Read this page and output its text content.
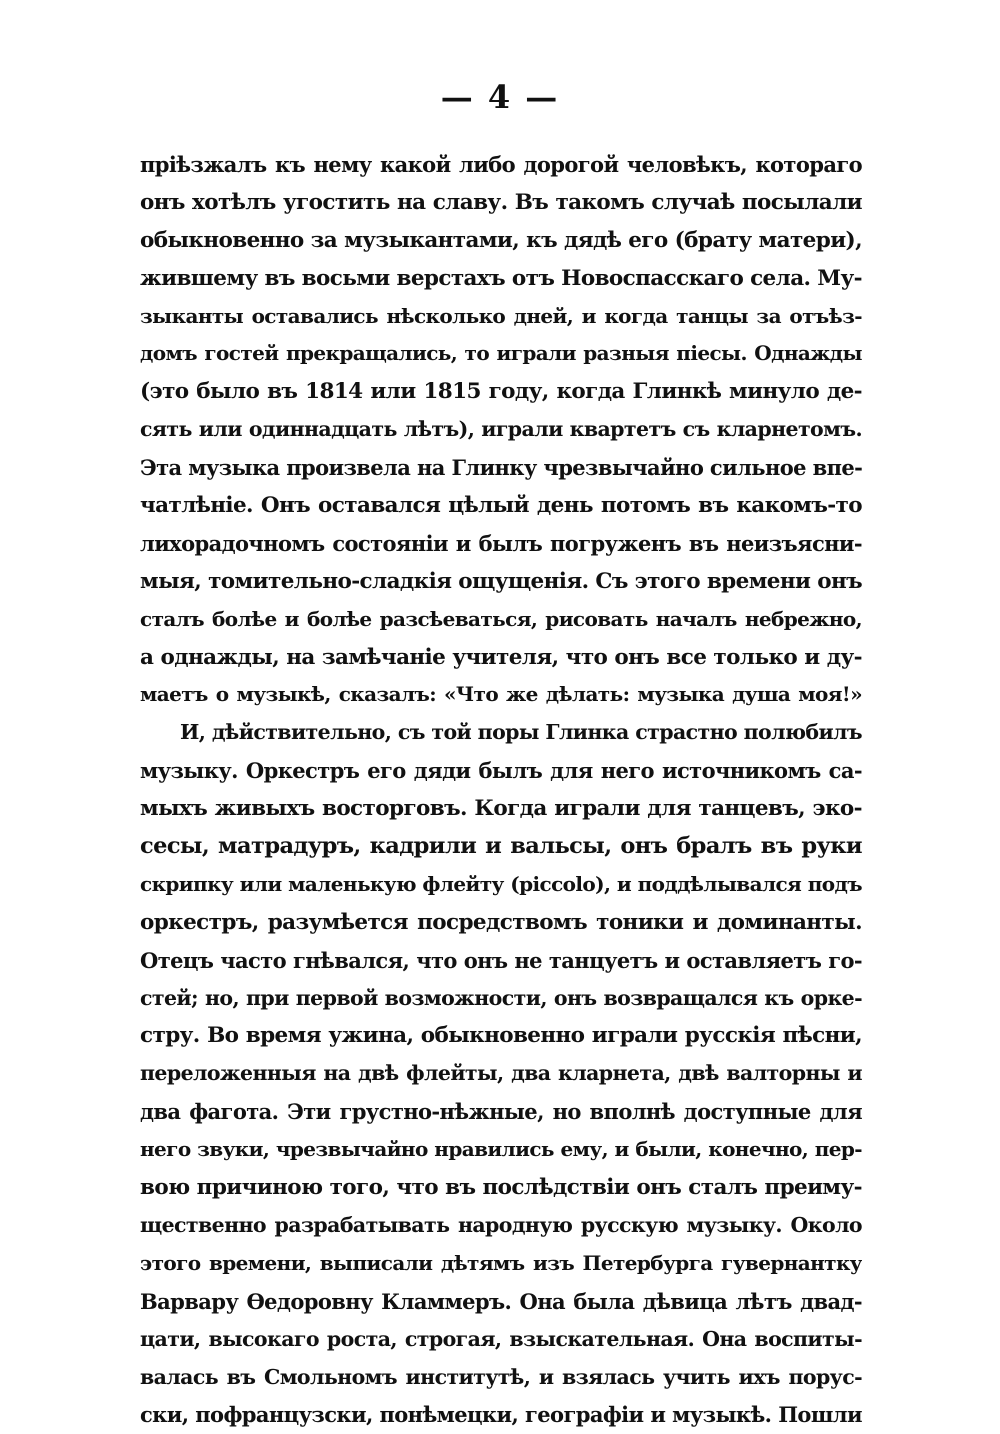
— 4 —
пріѣзжалъ къ нему какой либо дорогой человѣкъ, котораго
онъ хотѣлъ угостить на славу. Въ такомъ случаѣ посылали
обыкновенно за музыкантами, къ дядѣ его (брату матери),
жившему въ восьми верстахъ отъ Новоспасскаго села. Му-
зыканты оставались нѣсколько дней, и когда танцы за отъѣз-
домъ гостей прекращались, то играли разныя піесы. Однажды
(это было въ 1814 или 1815 году, когда Глинкѣ минуло де-
сять или одиннадцать лѣтъ), играли квартетъ съ кларнетомъ.
Эта музыка произвела на Глинку чрезвычайно сильное впе-
чатлѣніе. Онъ оставался цѣлый день потомъ въ какомъ-то
лихорадочномъ состояніи и былъ погруженъ въ неизъясни-
мыя, томительно-сладкія ощущенія. Съ этого времени онъ
сталъ болѣе и болѣе разсѣеваться, рисовать началъ небрежно,
а однажды, на замѣчаніе учителя, что онъ все только и ду-
маетъ о музыкѣ, сказалъ: «Что же дѣлать: музыка душа моя!»
И, дѣйствительно, съ той поры Глинка страстно полюбилъ
музыку. Оркестръ его дяди былъ для него источникомъ са-
мыхъ живыхъ восторговъ. Когда играли для танцевъ, эко-
сесы, матрадуръ, кадрили и вальсы, онъ бралъ въ руки
скрипку или маленькую флейту (piccolo), и поддѣлывался подъ
оркестръ, разумѣется посредствомъ тоники и доминанты.
Отецъ часто гнѣвался, что онъ не танцуетъ и оставляетъ го-
стей; но, при первой возможности, онъ возвращался къ орке-
стру. Во время ужина, обыкновенно играли русскія пѣсни,
переложенныя на двѣ флейты, два кларнета, двѣ валторны и
два фагота. Эти грустно-нѣжные, но вполнѣ доступные для
него звуки, чрезвычайно нравились ему, и были, конечно, пер-
вою причиною того, что въ послѣдствіи онъ сталъ преиму-
щественно разрабатывать народную русскую музыку. Около
этого времени, выписали дѣтямъ изъ Петербурга гувернантку
Варвару Ѳедоровну Кламмеръ. Она была дѣвица лѣтъ двад-
цати, высокаго роста, строгая, взыскательная. Она воспиты-
валась въ Смольномъ институтѣ, и взялась учить ихъ порус-
ски, пофранцузски, понѣмецки, географіи и музыкѣ. Пошли
